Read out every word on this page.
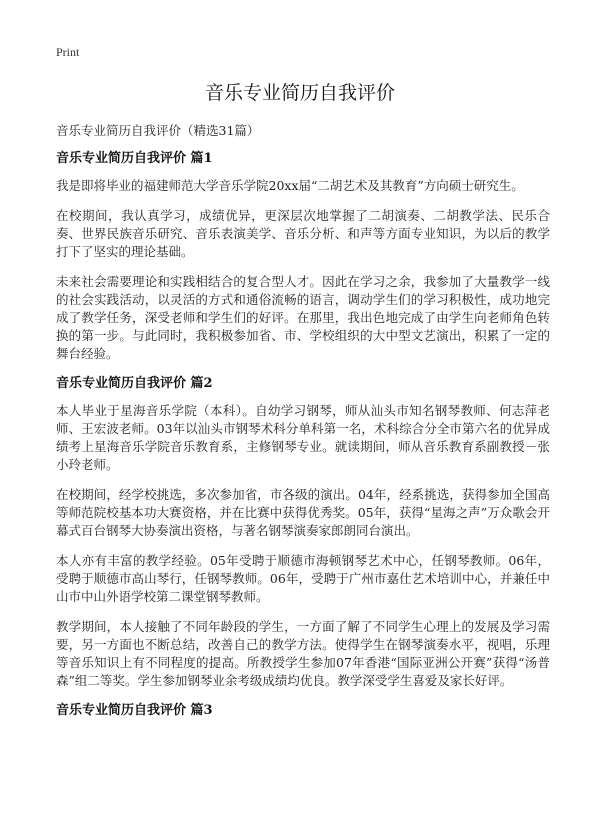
Print
音乐专业简历自我评价

音乐专业简历自我评价（精选31篇）

音乐专业简历自我评价 篇1

我是即将毕业的福建师范大学音乐学院20xx届“二胡艺术及其教育”方向硕士研究生。

在校期间，我认真学习，成绩优异，更深层次地掌握了二胡演奏、二胡教学法、民乐合奏、世界民族音乐研究、音乐表演美学、音乐分析、和声等方面专业知识，为以后的教学打下了坚实的理论基础。

未来社会需要理论和实践相结合的复合型人才。因此在学习之余，我参加了大量教学一线的社会实践活动，以灵活的方式和通俗流畅的语言，调动学生们的学习积极性，成功地完成了教学任务，深受老师和学生们的好评。在那里，我出色地完成了由学生向老师角色转换的第一步。与此同时，我积极参加省、市、学校组织的大中型文艺演出，积累了一定的舞台经验。

音乐专业简历自我评价 篇2

本人毕业于星海音乐学院（本科）。自幼学习钢琴，师从汕头市知名钢琴教师、何志萍老师、王宏波老师。03年以汕头市钢琴术科分单科第一名，术科综合分全市第六名的优异成绩考上星海音乐学院音乐教育系，主修钢琴专业。就读期间，师从音乐教育系副教授－张小玲老师。

在校期间，经学校挑选，多次参加省，市各级的演出。04年，经系挑选，获得参加全国高等师范院校基本功大赛资格，并在比赛中获得优秀奖。05年，获得“星海之声”万众歌会开幕式百台钢琴大协奏演出资格，与著名钢琴演奏家郎朗同台演出。

本人亦有丰富的教学经验。05年受聘于顺德市海顿钢琴艺术中心，任钢琴教师。06年，受聘于顺德市高山琴行，任钢琴教师。06年，受聘于广州市嘉仕艺术培训中心，并兼任中山市中山外语学校第二课堂钢琴教师。

教学期间，本人接触了不同年龄段的学生，一方面了解了不同学生心理上的发展及学习需要，另一方面也不断总结，改善自己的教学方法。使得学生在钢琴演奏水平，视唱，乐理等音乐知识上有不同程度的提高。所教授学生参加07年香港“国际亚洲公开赛”获得“汤普森”组二等奖。学生参加钢琴业余考级成绩均优良。教学深受学生喜爱及家长好评。

音乐专业简历自我评价 篇3
